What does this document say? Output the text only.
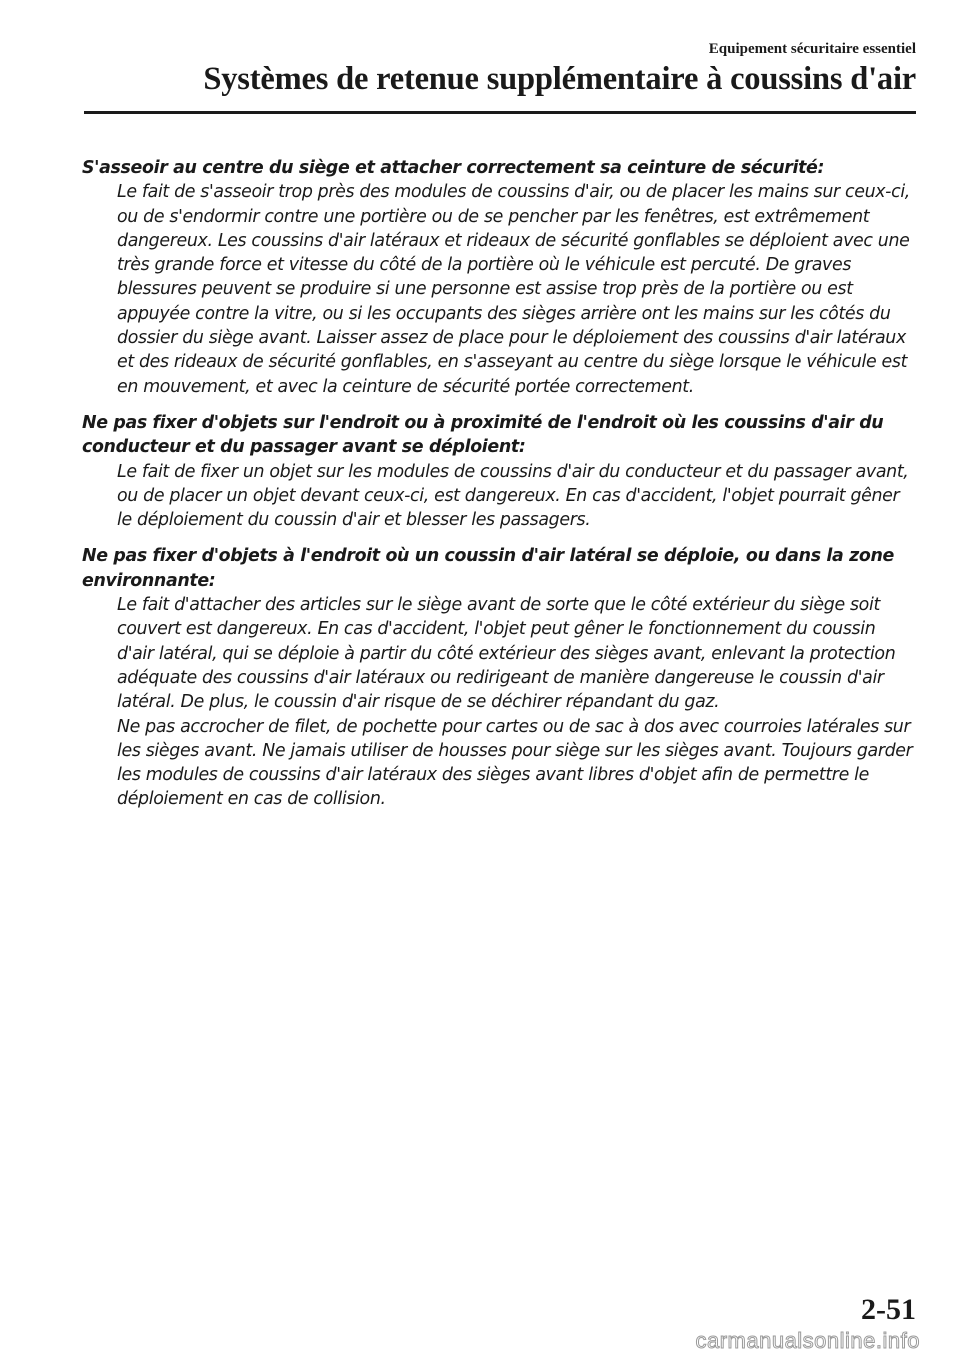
Equipement sécuritaire essentiel
Systèmes de retenue supplémentaire à coussins d'air
S'asseoir au centre du siège et attacher correctement sa ceinture de sécurité:
Le fait de s'asseoir trop près des modules de coussins d'air, ou de placer les mains sur ceux-ci, ou de s'endormir contre une portière ou de se pencher par les fenêtres, est extrêmement dangereux. Les coussins d'air latéraux et rideaux de sécurité gonflables se déploient avec une très grande force et vitesse du côté de la portière où le véhicule est percuté. De graves blessures peuvent se produire si une personne est assise trop près de la portière ou est appuyée contre la vitre, ou si les occupants des sièges arrière ont les mains sur les côtés du dossier du siège avant. Laisser assez de place pour le déploiement des coussins d'air latéraux et des rideaux de sécurité gonflables, en s'asseyant au centre du siège lorsque le véhicule est en mouvement, et avec la ceinture de sécurité portée correctement.
Ne pas fixer d'objets sur l'endroit ou à proximité de l'endroit où les coussins d'air du conducteur et du passager avant se déploient:
Le fait de fixer un objet sur les modules de coussins d'air du conducteur et du passager avant, ou de placer un objet devant ceux-ci, est dangereux. En cas d'accident, l'objet pourrait gêner le déploiement du coussin d'air et blesser les passagers.
Ne pas fixer d'objets à l'endroit où un coussin d'air latéral se déploie, ou dans la zone environnante:
Le fait d'attacher des articles sur le siège avant de sorte que le côté extérieur du siège soit couvert est dangereux. En cas d'accident, l'objet peut gêner le fonctionnement du coussin d'air latéral, qui se déploie à partir du côté extérieur des sièges avant, enlevant la protection adéquate des coussins d'air latéraux ou redirigeant de manière dangereuse le coussin d'air latéral. De plus, le coussin d'air risque de se déchirer répandant du gaz.
Ne pas accrocher de filet, de pochette pour cartes ou de sac à dos avec courroies latérales sur les sièges avant. Ne jamais utiliser de housses pour siège sur les sièges avant. Toujours garder les modules de coussins d'air latéraux des sièges avant libres d'objet afin de permettre le déploiement en cas de collision.
2-51
carmanualsonline.info
